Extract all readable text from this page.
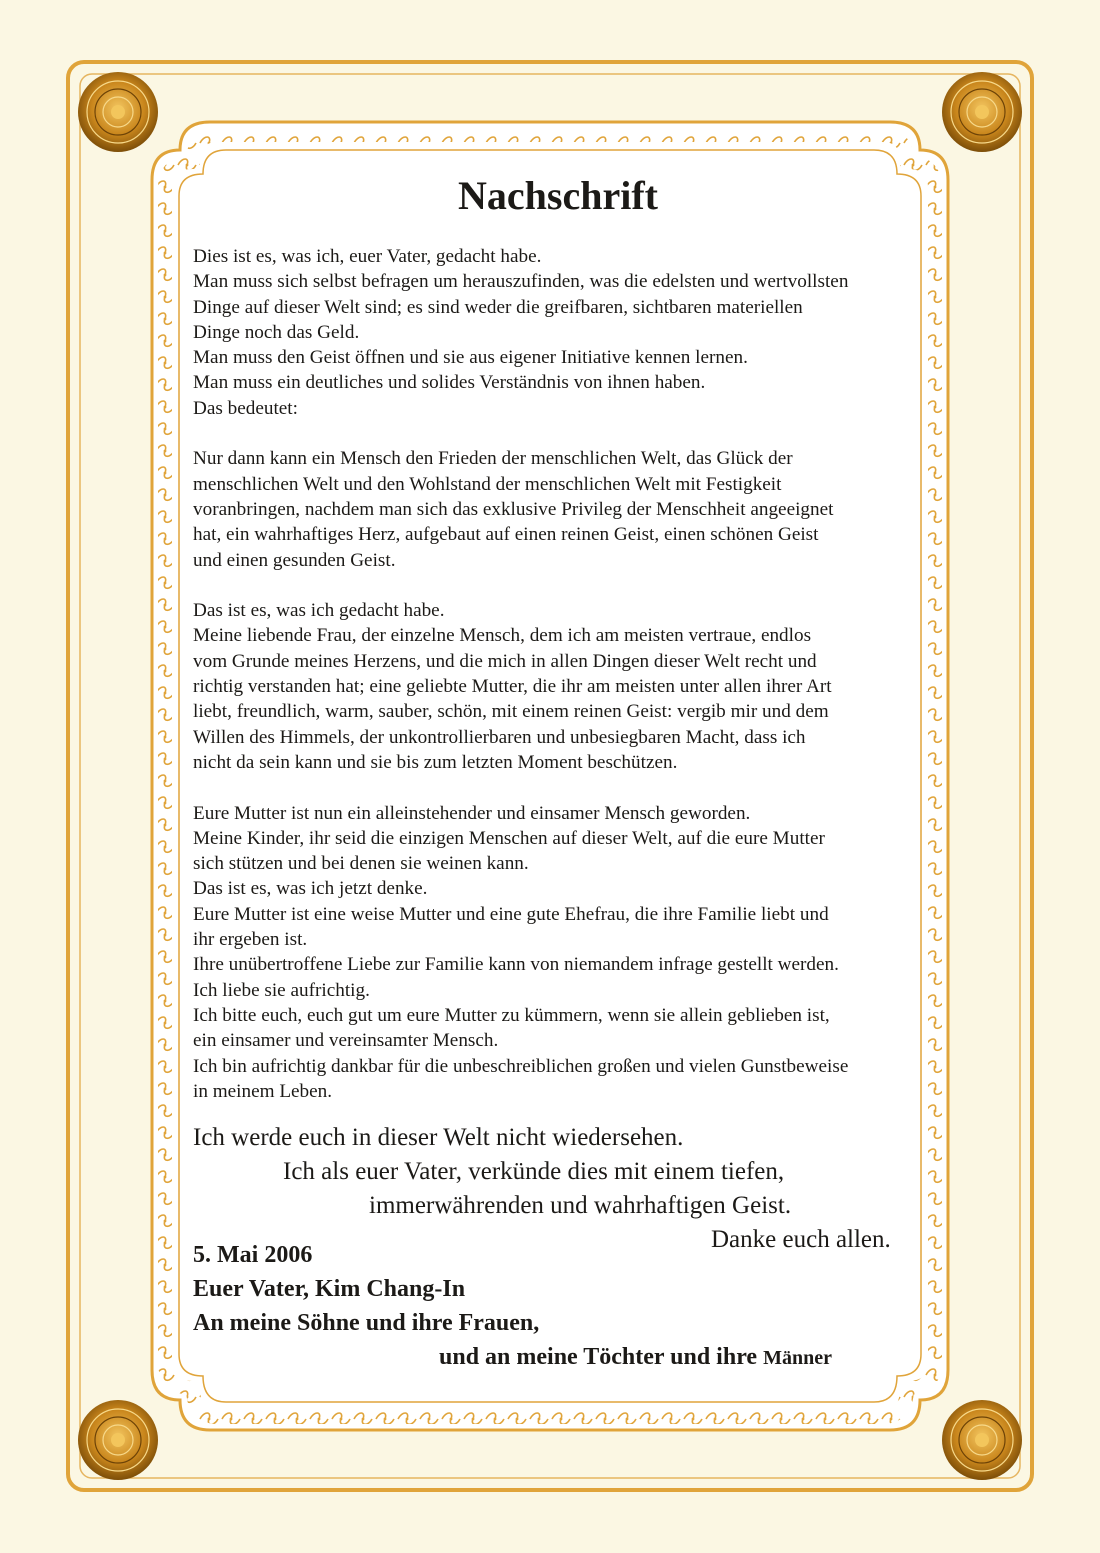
Nachschrift
Dies ist es, was ich, euer Vater, gedacht habe.
Man muss sich selbst befragen um herauszufinden, was die edelsten und wertvollsten
Dinge auf dieser Welt sind; es sind weder die greifbaren, sichtbaren materiellen
Dinge noch das Geld.
Man muss den Geist öffnen und sie aus eigener Initiative kennen lernen.
Man muss ein deutliches und solides Verständnis von ihnen haben.
Das bedeutet:
Nur dann kann ein Mensch den Frieden der menschlichen Welt, das Glück der
menschlichen Welt und den Wohlstand der menschlichen Welt mit Festigkeit
voranbringen, nachdem man sich das exklusive Privileg der Menschheit angeeignet
hat, ein wahrhaftiges Herz, aufgebaut auf einen reinen Geist, einen schönen Geist
und einen gesunden Geist.
Das ist es, was ich gedacht habe.
Meine liebende Frau, der einzelne Mensch, dem ich am meisten vertraue, endlos
vom Grunde meines Herzens, und die mich in allen Dingen dieser Welt recht und
richtig verstanden hat; eine geliebte Mutter, die ihr am meisten unter allen ihrer Art
liebt, freundlich, warm, sauber, schön, mit einem reinen Geist: vergib mir und dem
Willen des Himmels, der unkontrollierbaren und unbesiegbaren Macht, dass ich
nicht da sein kann und sie bis zum letzten Moment beschützen.
Eure Mutter ist nun ein alleinstehender und einsamer Mensch geworden.
Meine Kinder, ihr seid die einzigen Menschen auf dieser Welt, auf die eure Mutter
sich stützen und bei denen sie weinen kann.
Das ist es, was ich jetzt denke.
Eure Mutter ist eine weise Mutter und eine gute Ehefrau, die ihre Familie liebt und
ihr ergeben ist.
Ihre unübertroffene Liebe zur Familie kann von niemandem infrage gestellt werden.
Ich liebe sie aufrichtig.
Ich bitte euch, euch gut um eure Mutter zu kümmern, wenn sie allein geblieben ist,
ein einsamer und vereinsamter Mensch.
Ich bin aufrichtig dankbar für die unbeschreiblichen großen und vielen Gunstbeweise
in meinem Leben.
Ich werde euch in dieser Welt nicht wiedersehen.
Ich als euer Vater, verkünde dies mit einem tiefen,
immerwährenden und wahrhaftigen Geist.
Danke euch allen.
5. Mai 2006
Euer Vater, Kim Chang-In
An meine Söhne und ihre Frauen,
und an meine Töchter und ihre Männer
